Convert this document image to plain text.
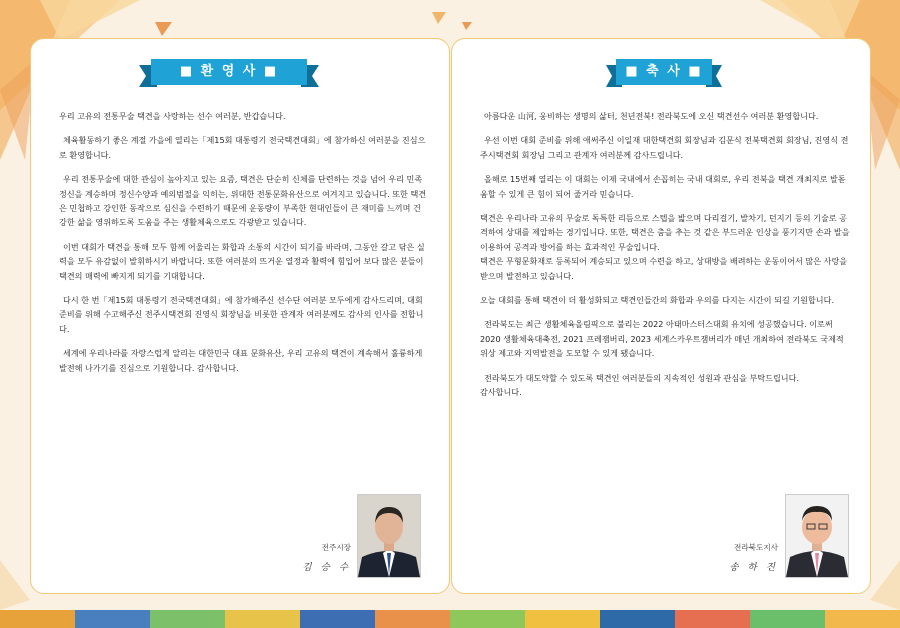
■ 환 영 사 ■

우리 고유의 전통무술 택견을 사랑하는 선수 여러분, 반갑습니다.

체육활동하기 좋은 계절 가을에 열리는「제15회 대통령기 전국택견대회」에 참가하신 여러분을 진심으로 환영합니다.

우리 전통무술에 대한 관심이 높아지고 있는 요즘, 택견은 단순히 신체를 단련하는 것을 넘어 우리 민족정신을 계승하며 정신수양과 예의범절을 익히는, 위대한 전통문화유산으로 여겨지고 있습니다. 또한 택견은 민첩하고 강인한 동작으로 심신을 수련하기 때문에 운동량이 부족한 현대인들이 큰 재미를 느끼며 건강한 삶을 영위하도록 도움을 주는 생활체육으로도 각광받고 있습니다.

이번 대회가 택견을 통해 모두 함께 어울리는 화합과 소통의 시간이 되기를 바라며, 그동안 갈고 닦은 실력을 모두 유감없이 발휘하시기 바랍니다. 또한 여러분의 뜨거운 열정과 활력에 힘입어 보다 많은 분들이 택견의 매력에 빠지게 되기를 기대합니다.

다시 한 번「제15회 대통령기 전국택견대회」에 참가해주신 선수단 여러분 모두에게 감사드리며, 대회 준비를 위해 수고해주신 전주시택견회 진영식 회장님을 비롯한 관계자 여러분께도 감사의 인사를 전합니다.

세계에 우리나라를 자랑스럽게 알리는 대한민국 대표 문화유산, 우리 고유의 택견이 계속해서 훌륭하게 발전해 나가기를 진심으로 기원합니다. 감사합니다.

전주시장
김 승 수
■ 축 사 ■

아름다운 山河, 웅비하는 생명의 삶터, 천년전북! 전라북도에 오신 택견선수 여러분 환영합니다.

우선 이번 대회 준비를 위해 애써주신 이일재 대한택견회 회장님과 김문식 전북택견회 회장님, 진영식 전주시택견회 회장님 그리고 관계자 여러분께 감사드립니다.

올해로 15번째 열리는 이 대회는 이제 국내에서 손꼽히는 국내 대회로, 우리 전북을 택견 개최지로 발돋움할 수 있게 큰 힘이 되어 줄거라 믿습니다.

택견은 우리나라 고유의 무술로 독특한 리듬으로 스텝을 밟으며 다리걸기, 발차기, 던지기 등의 기술로 공격하여 상대를 제압하는 경기입니다. 또한, 택견은 춤을 추는 것 같은 부드러운 인상을 풍기지만 손과 발을 이용하여 공격과 방어를 하는 효과적인 무술입니다.
택견은 무형문화재로 등록되어 계승되고 있으며 수련을 하고, 상대방을 배려하는 운동이어서 많은 사랑을 받으며 발전하고 있습니다.

오늘 대회를 통해 택견이 더 활성화되고 택견인들간의 화합과 우의를 다지는 시간이 되길 기원합니다.

전라북도는 최근 생활체육올림픽으로 불리는 2022 아태마스터스대회 유치에 성공했습니다. 이로써 2020 생활체육대축전, 2021 프레잼버리, 2023 세계스카우트잼버리가 매년 개최하여 전라북도 국제적 위상 제고와 지역발전을 도모할 수 있게 됐습니다.

전라북도가 대도약할 수 있도록 택견인 여러분들의 지속적인 성원과 관심을 부탁드립니다.
감사합니다.

전라북도지사
송 하 진
